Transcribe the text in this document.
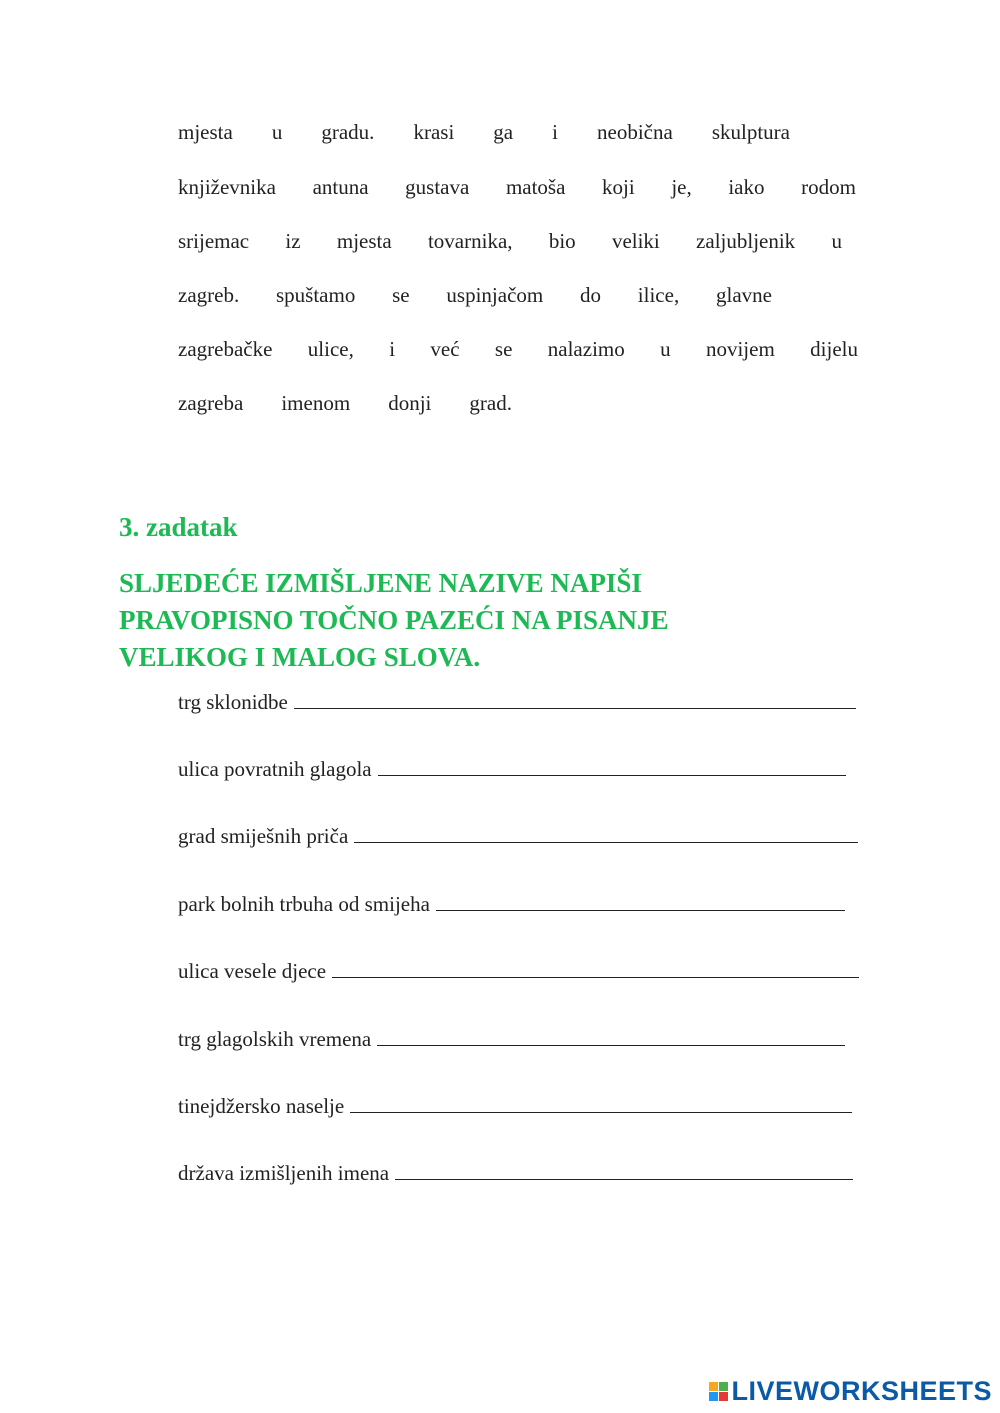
mjesta u gradu. krasi ga i neobična skulptura
književnika antuna gustava matoša koji je, iako rodom
srijemac iz mjesta tovarnika, bio veliki zaljubljenik u
zagreb. spuštamo se uspinjačom do ilice, glavne
zagrebačke ulice, i već se nalazimo u novijem dijelu
zagreba imenom donji grad.
3. zadatak
SLJEDEĆE IZMIŠLJENE NAZIVE NAPIŠI
PRAVOPISNO TOČNO PAZEĆI NA PISANJE
VELIKOG I MALOG SLOVA.
trg sklonidbe
ulica povratnih glagola
grad smiješnih priča
park bolnih trbuha od smijeha
ulica vesele djece
trg glagolskih vremena
tinejdžersko naselje
država izmišljenih imena
LIVEWORKSHEETS
